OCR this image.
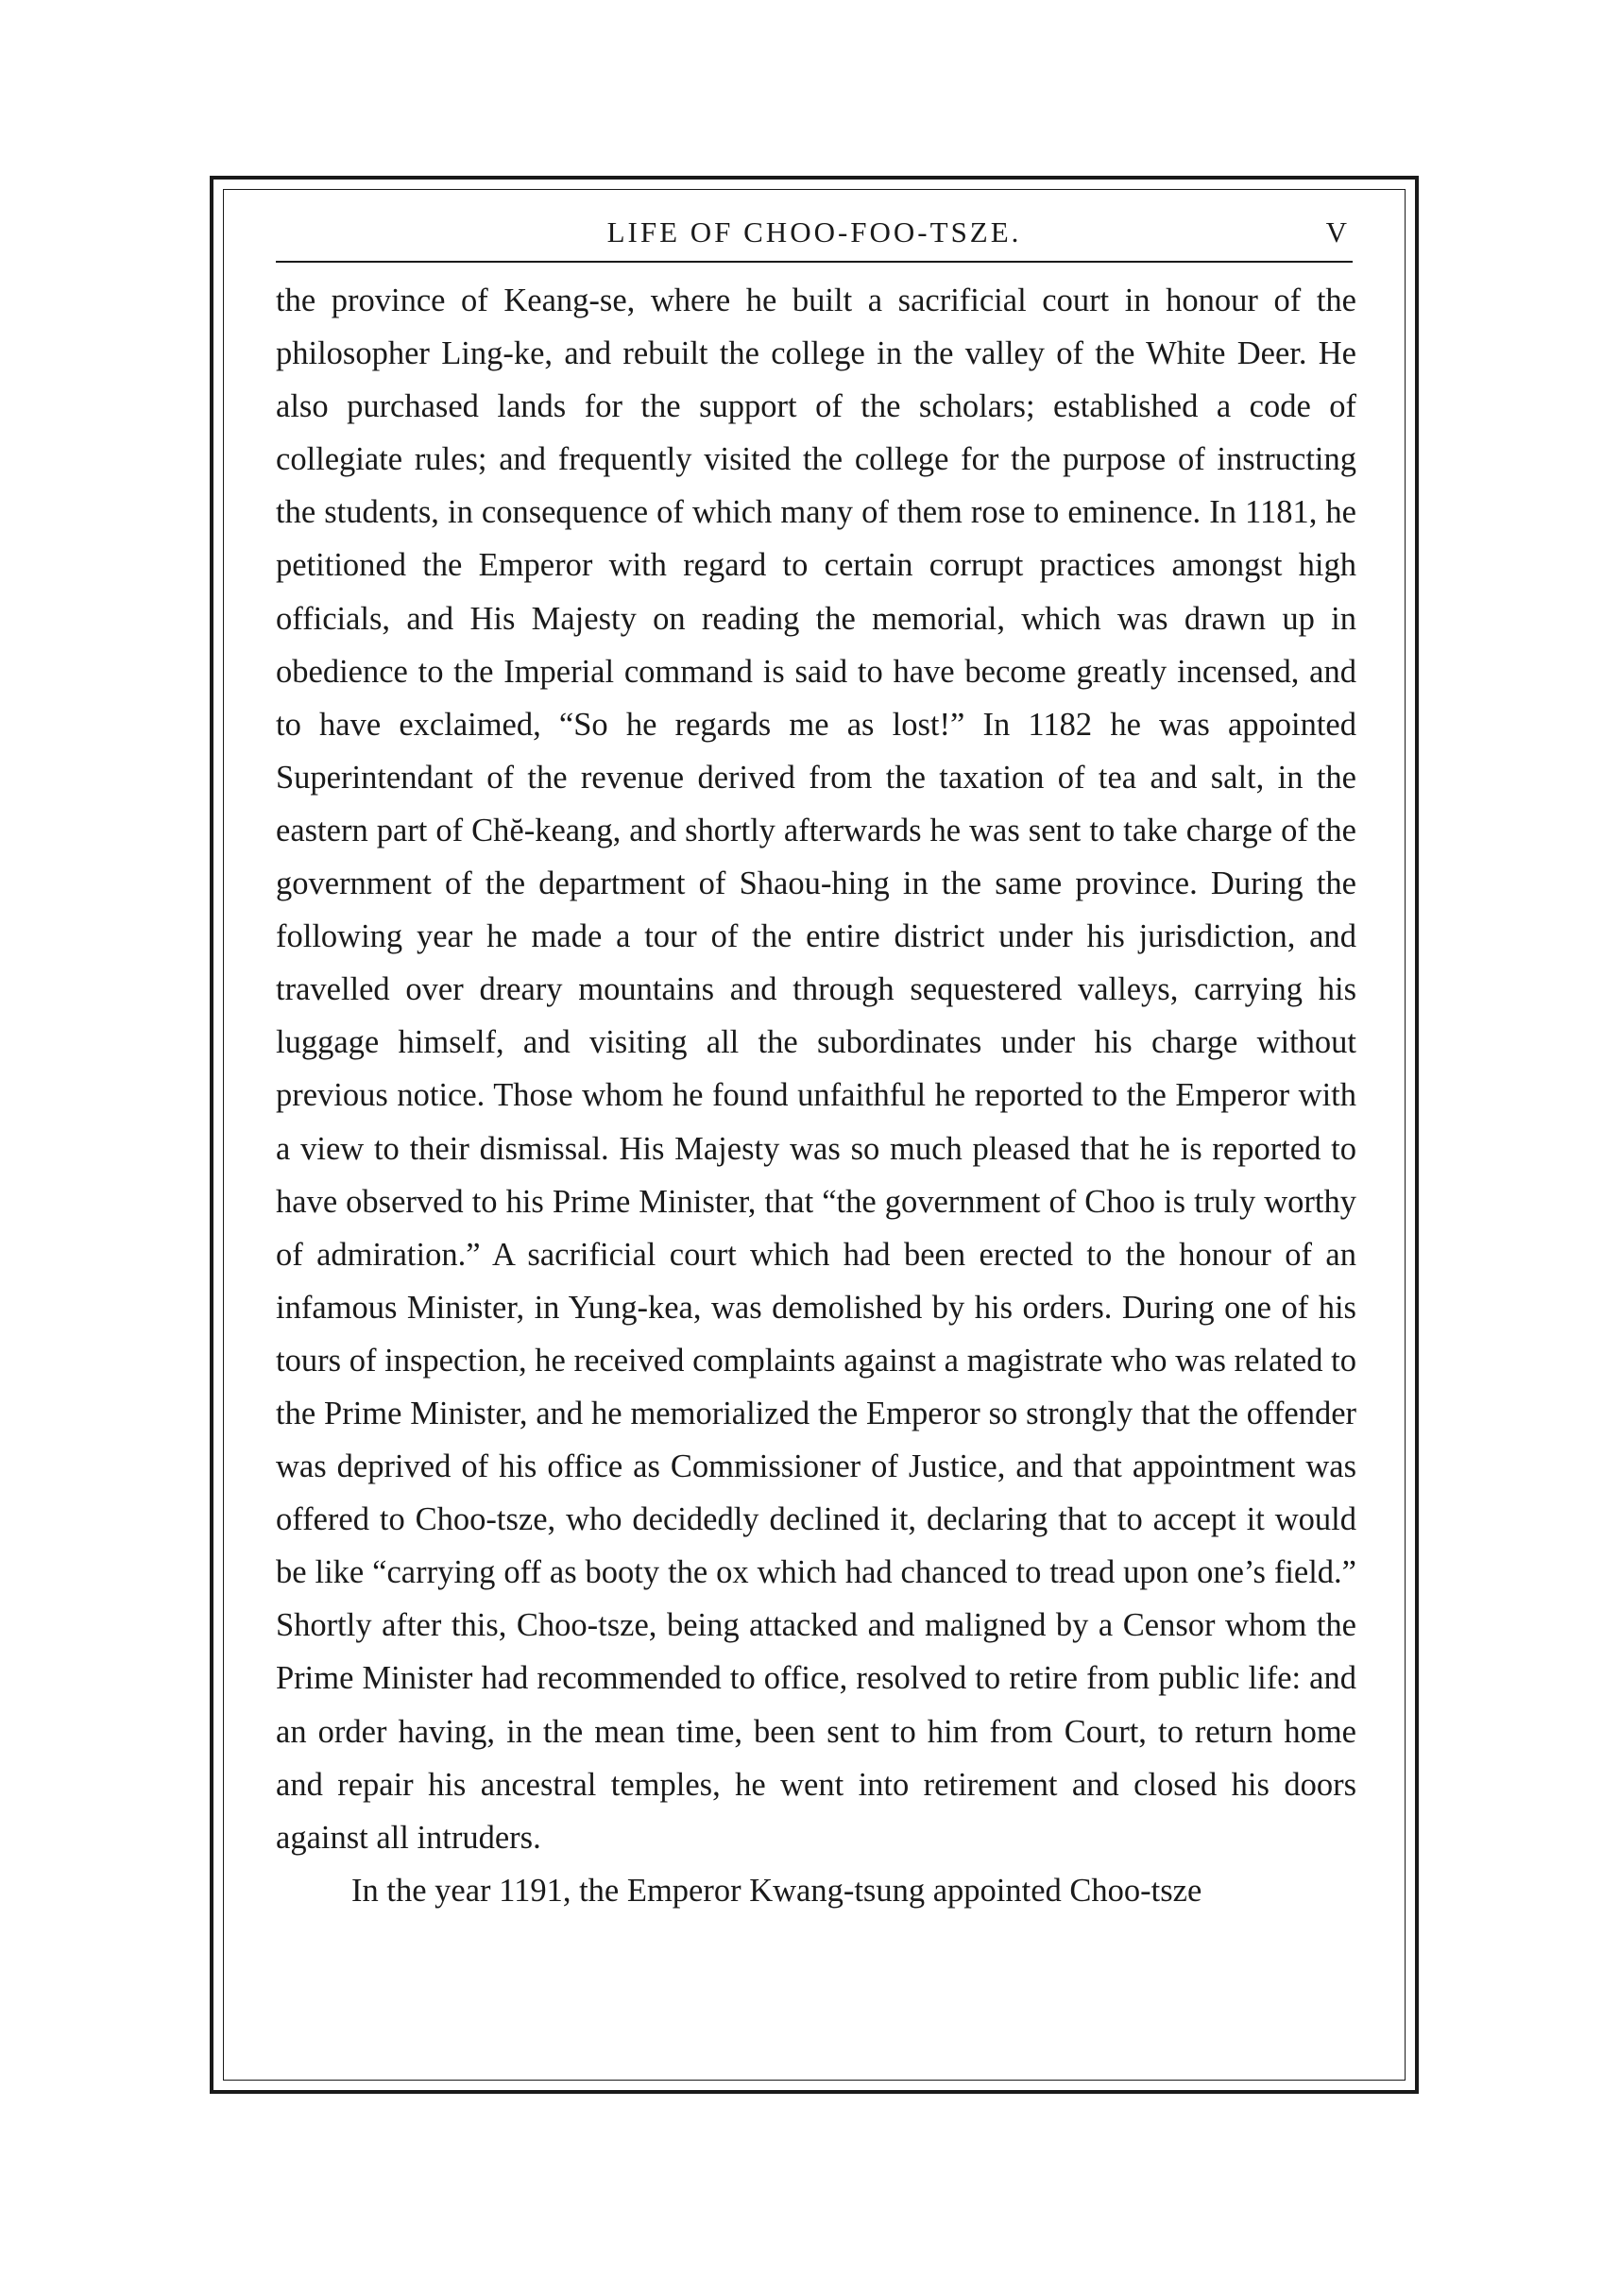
LIFE OF CHOO-FOO-TSZE.	V

the province of Keang-se, where he built a sacrificial court in honour of the philosopher Ling-ke, and rebuilt the college in the valley of the White Deer. He also purchased lands for the support of the scholars; established a code of collegiate rules; and frequently visited the college for the purpose of instructing the students, in consequence of which many of them rose to eminence. In 1181, he petitioned the Emperor with regard to certain corrupt practices amongst high officials, and His Majesty on reading the memorial, which was drawn up in obedience to the Imperial command is said to have become greatly incensed, and to have exclaimed, “So he regards me as lost!” In 1182 he was appointed Superintendant of the revenue derived from the taxation of tea and salt, in the eastern part of Chĕ-keang, and shortly afterwards he was sent to take charge of the government of the department of Shaou-hing in the same province. During the following year he made a tour of the entire district under his jurisdiction, and travelled over dreary mountains and through sequestered valleys, carrying his luggage himself, and visiting all the subordinates under his charge without previous notice. Those whom he found unfaithful he reported to the Emperor with a view to their dismissal. His Majesty was so much pleased that he is reported to have observed to his Prime Minister, that “the government of Choo is truly worthy of admiration.” A sacrificial court which had been erected to the honour of an infamous Minister, in Yung-kea, was demolished by his orders. During one of his tours of inspection, he received complaints against a magistrate who was related to the Prime Minister, and he memorialized the Emperor so strongly that the offender was deprived of his office as Commissioner of Justice, and that appointment was offered to Choo-tsze, who decidedly declined it, declaring that to accept it would be like “carrying off as booty the ox which had chanced to tread upon one’s field.” Shortly after this, Choo-tsze, being attacked and maligned by a Censor whom the Prime Minister had recommended to office, resolved to retire from public life: and an order having, in the mean time, been sent to him from Court, to return home and repair his ancestral temples, he went into retirement and closed his doors against all intruders.

In the year 1191, the Emperor Kwang-tsung appointed Choo-tsze
